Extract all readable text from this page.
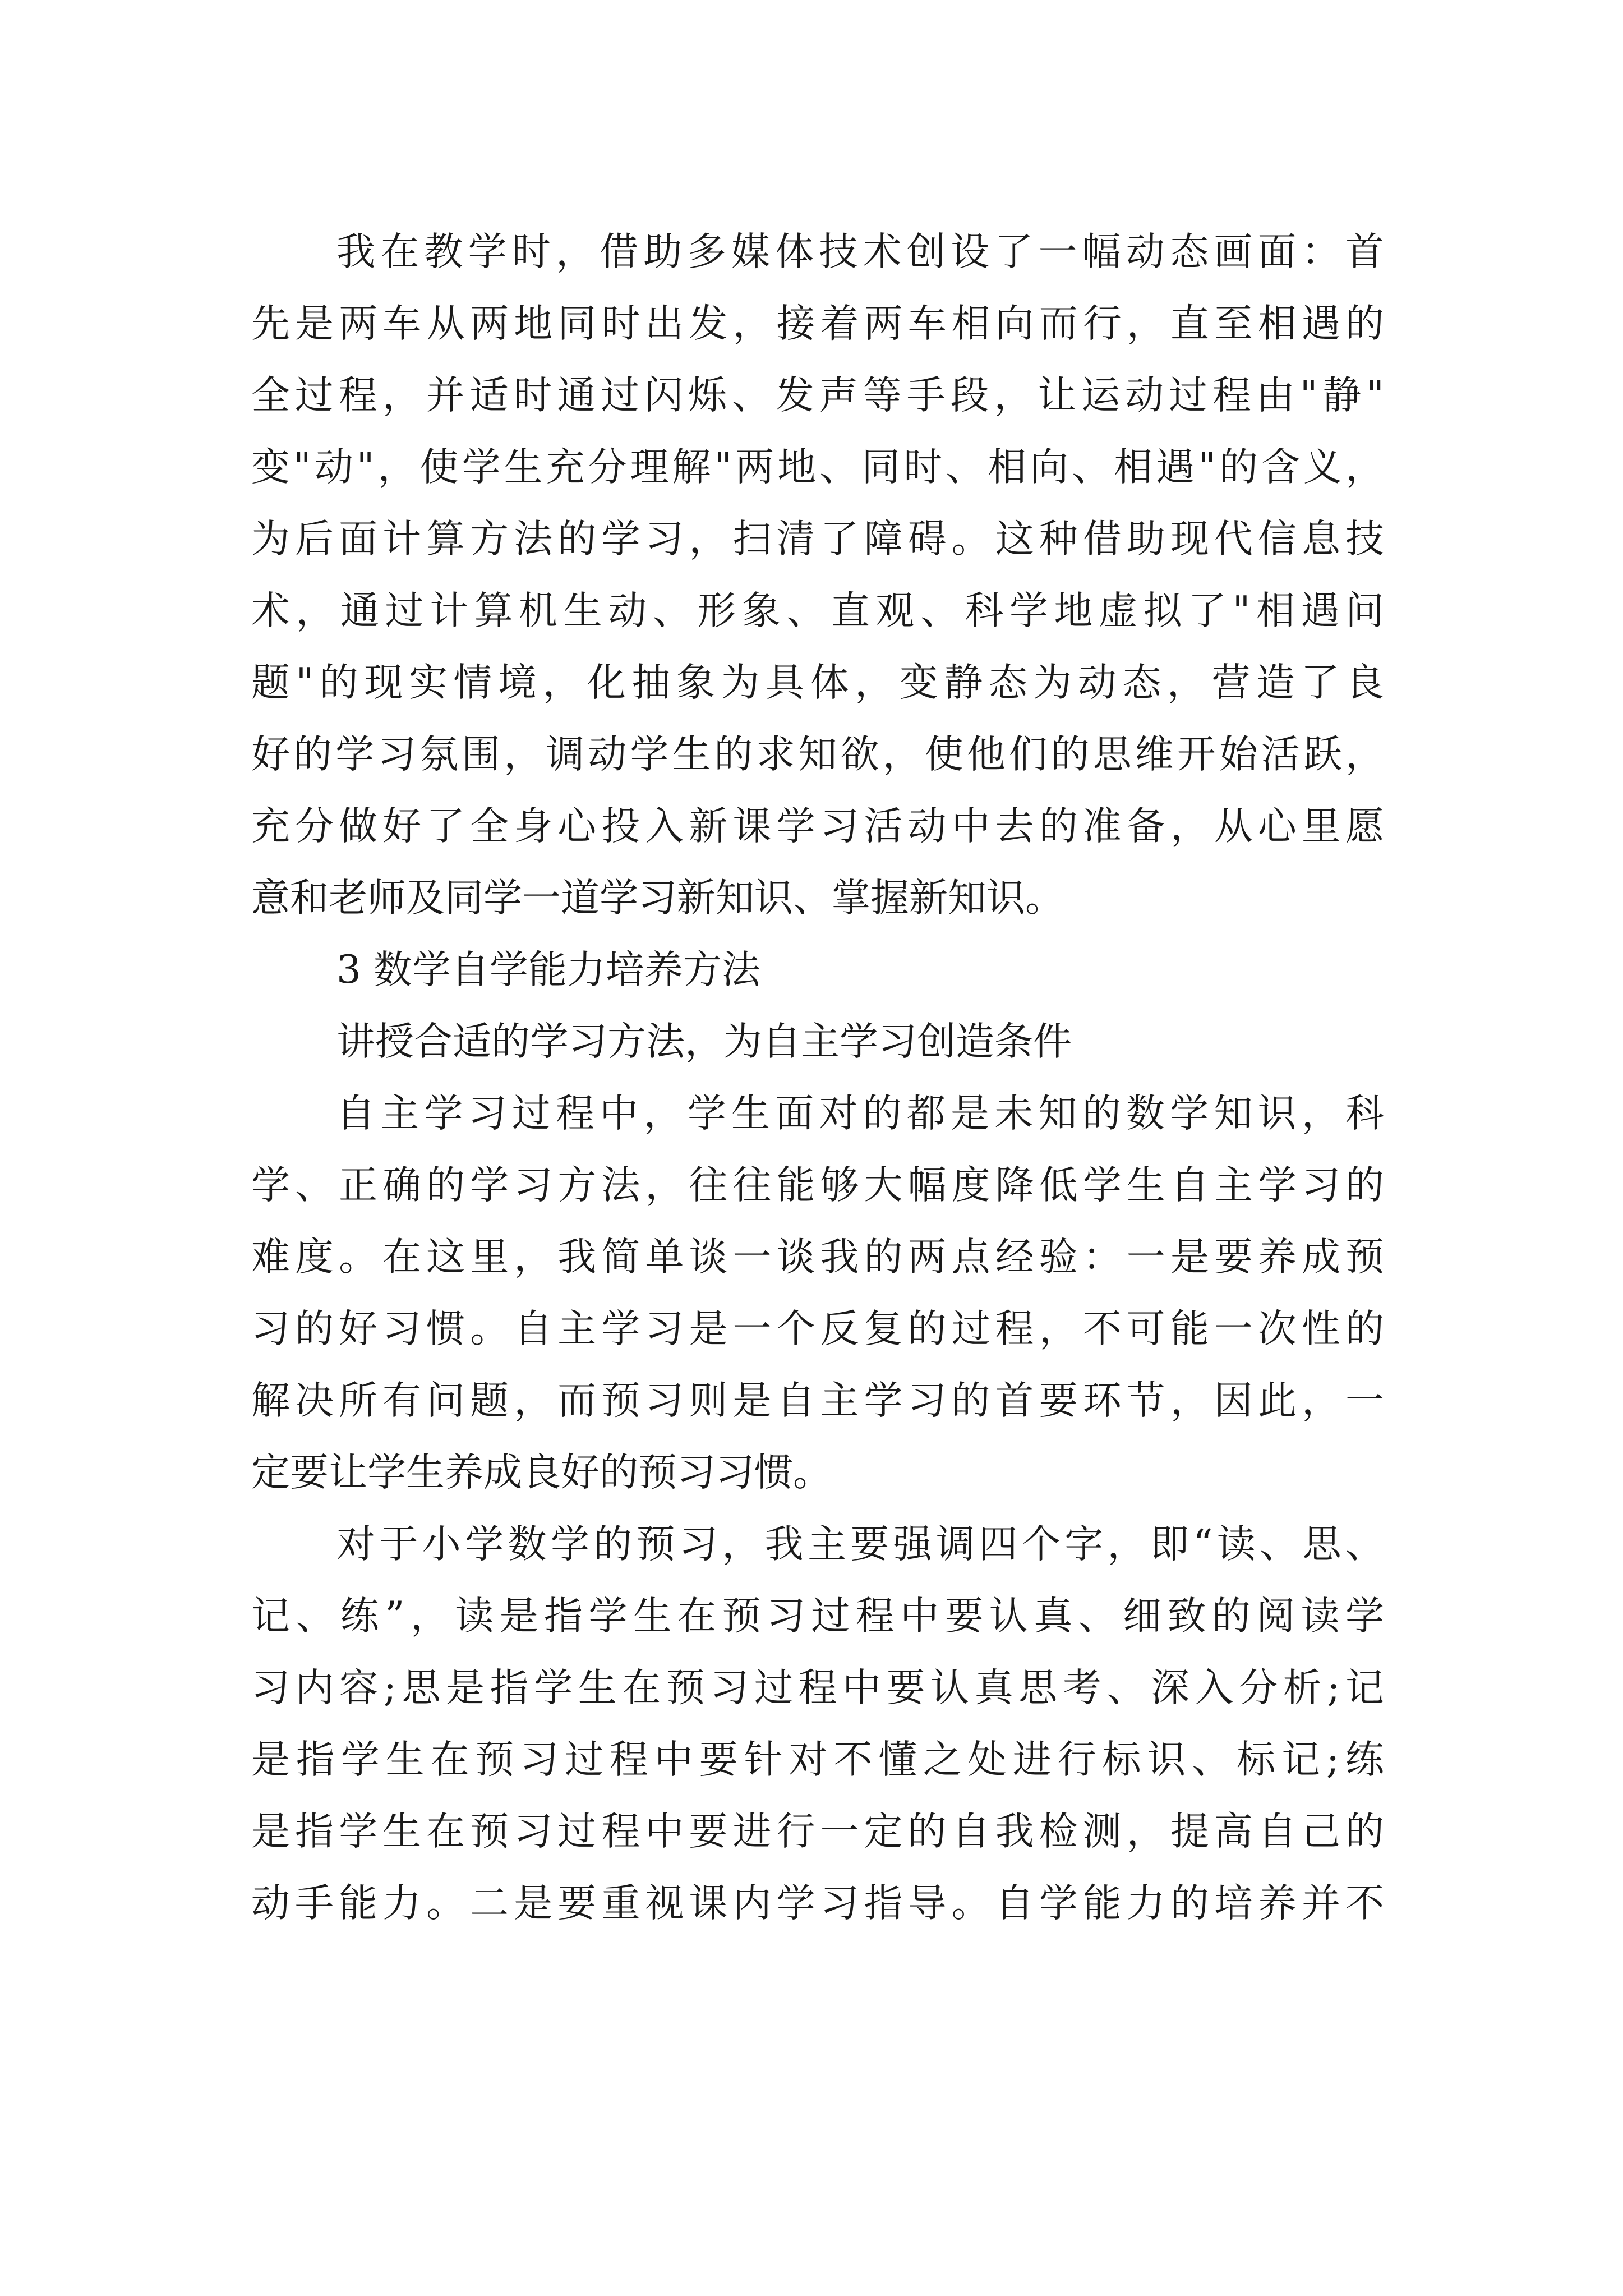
我在教学时，借助多媒体技术创设了一幅动态画面：首
先是两车从两地同时出发，接着两车相向而行，直至相遇的
全过程，并适时通过闪烁、发声等手段，让运动过程由"静"
变"动"，使学生充分理解"两地、同时、相向、相遇"的含义，
为后面计算方法的学习，扫清了障碍。这种借助现代信息技
术，通过计算机生动、形象、直观、科学地虚拟了"相遇问
题"的现实情境，化抽象为具体，变静态为动态，营造了良
好的学习氛围，调动学生的求知欲，使他们的思维开始活跃，
充分做好了全身心投入新课学习活动中去的准备，从心里愿
意和老师及同学一道学习新知识、掌握新知识。
3 数学自学能力培养方法
讲授合适的学习方法，为自主学习创造条件
自主学习过程中，学生面对的都是未知的数学知识，科
学、正确的学习方法，往往能够大幅度降低学生自主学习的
难度。在这里，我简单谈一谈我的两点经验：一是要养成预
习的好习惯。自主学习是一个反复的过程，不可能一次性的
解决所有问题，而预习则是自主学习的首要环节，因此，一
定要让学生养成良好的预习习惯。
对于小学数学的预习，我主要强调四个字，即“读、思、
记、练”，读是指学生在预习过程中要认真、细致的阅读学
习内容;思是指学生在预习过程中要认真思考、深入分析;记
是指学生在预习过程中要针对不懂之处进行标识、标记;练
是指学生在预习过程中要进行一定的自我检测，提高自己的
动手能力。二是要重视课内学习指导。自学能力的培养并不
